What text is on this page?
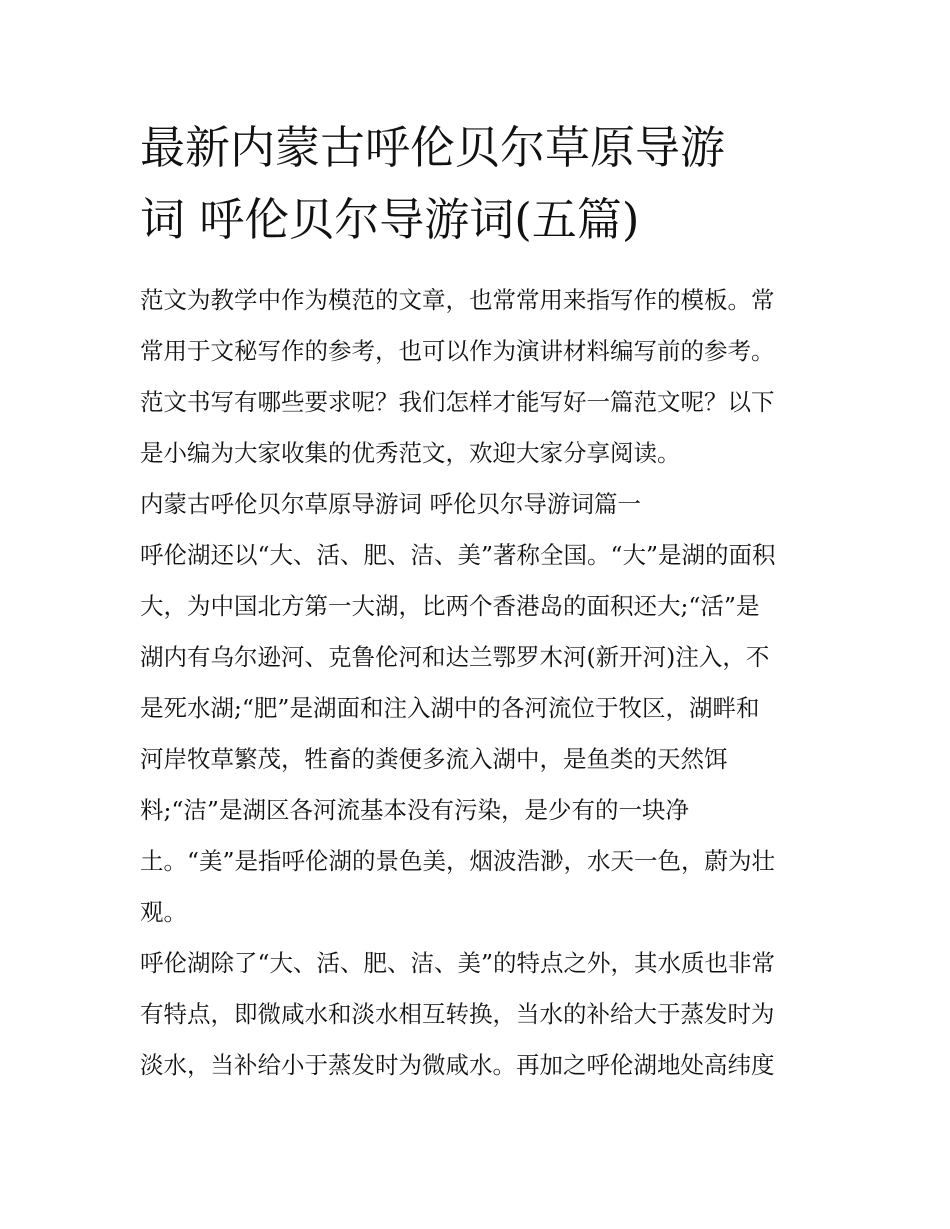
最新内蒙古呼伦贝尔草原导游
词 呼伦贝尔导游词(五篇)
范文为教学中作为模范的文章，也常常用来指写作的模板。常
常用于文秘写作的参考，也可以作为演讲材料编写前的参考。
范文书写有哪些要求呢？我们怎样才能写好一篇范文呢？以下
是小编为大家收集的优秀范文，欢迎大家分享阅读。
内蒙古呼伦贝尔草原导游词 呼伦贝尔导游词篇一
呼伦湖还以“大、活、肥、洁、美”著称全国。“大”是湖的面积
大，为中国北方第一大湖，比两个香港岛的面积还大;“活”是
湖内有乌尔逊河、克鲁伦河和达兰鄂罗木河(新开河)注入，不
是死水湖;“肥”是湖面和注入湖中的各河流位于牧区，湖畔和
河岸牧草繁茂，牲畜的粪便多流入湖中，是鱼类的天然饵
料;“洁”是湖区各河流基本没有污染，是少有的一块净
土。“美”是指呼伦湖的景色美，烟波浩渺，水天一色，蔚为壮
观。
呼伦湖除了“大、活、肥、洁、美”的特点之外，其水质也非常
有特点，即微咸水和淡水相互转换，当水的补给大于蒸发时为
淡水，当补给小于蒸发时为微咸水。再加之呼伦湖地处高纬度
